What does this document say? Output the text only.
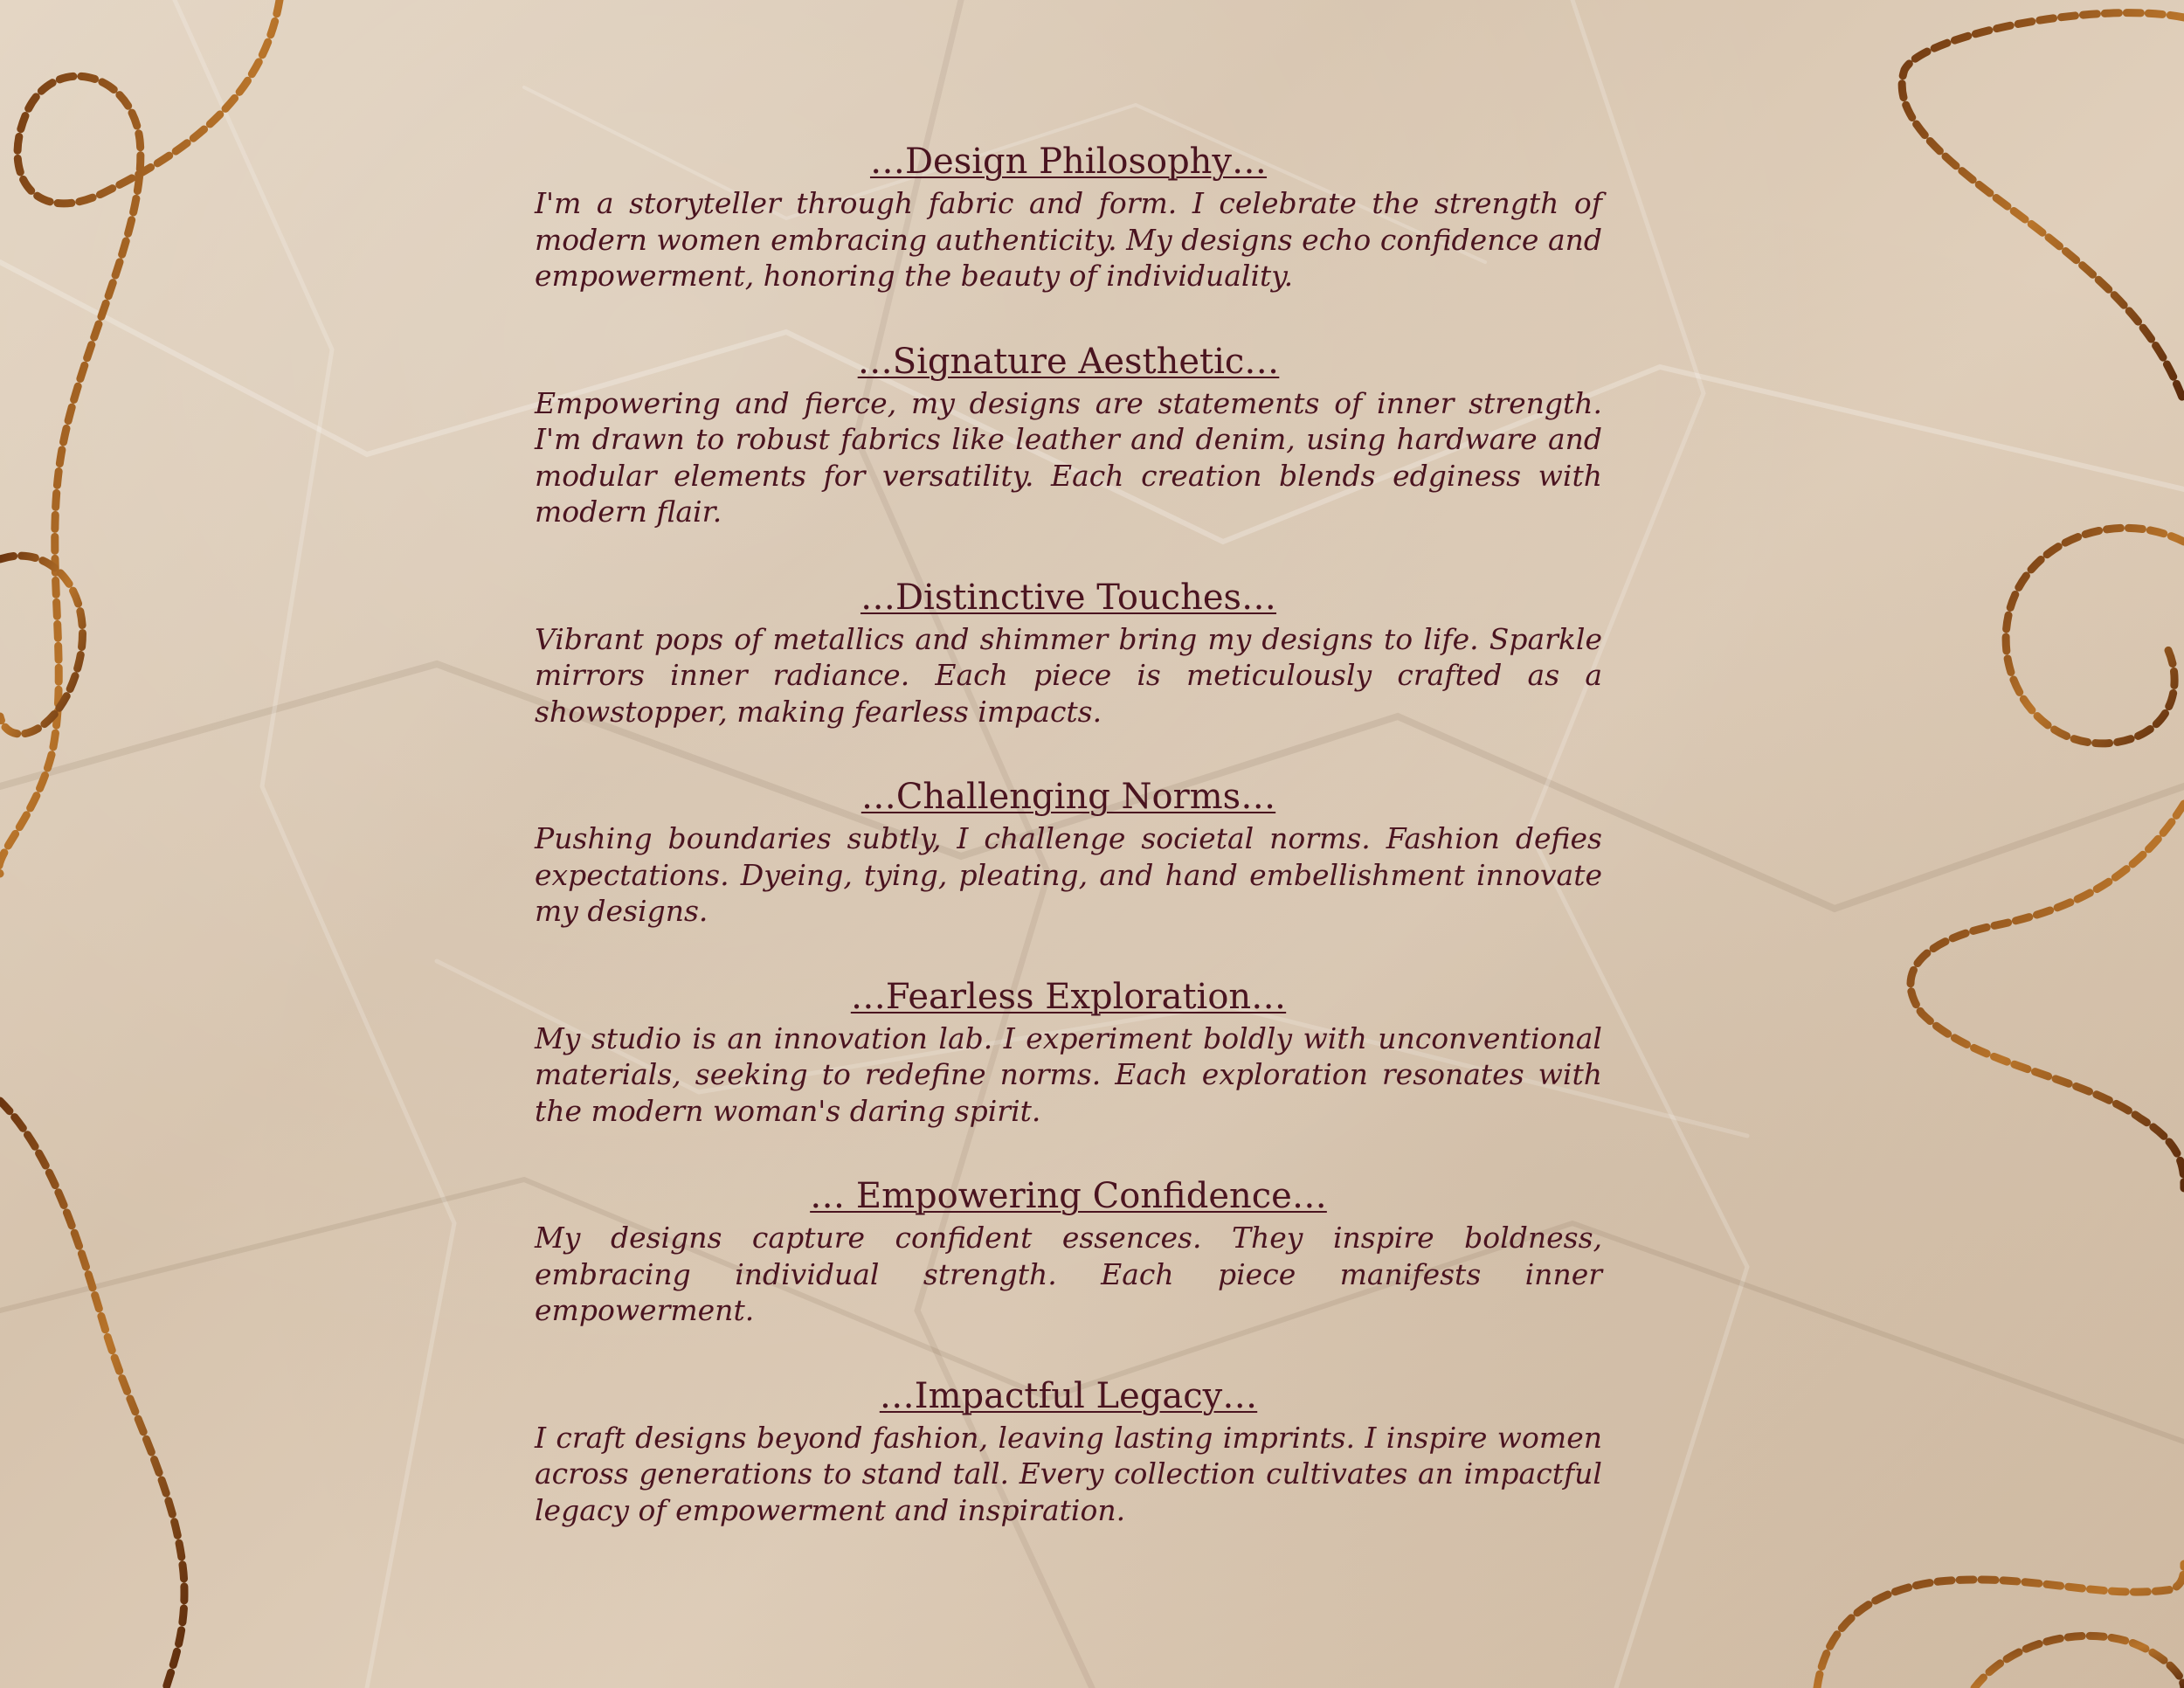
…Design Philosophy…

I'm a storyteller through fabric and form. I celebrate the strength of modern women embracing authenticity. My designs echo confidence and empowerment, honoring the beauty of individuality.

…Signature Aesthetic…

Empowering and fierce, my designs are statements of inner strength. I'm drawn to robust fabrics like leather and denim, using hardware and modular elements for versatility. Each creation blends edginess with modern flair.

…Distinctive Touches…

Vibrant pops of metallics and shimmer bring my designs to life. Sparkle mirrors inner radiance. Each piece is meticulously crafted as a showstopper, making fearless impacts.

…Challenging Norms…

Pushing boundaries subtly, I challenge societal norms. Fashion defies expectations. Dyeing, tying, pleating, and hand embellishment innovate my designs.

…Fearless Exploration…

My studio is an innovation lab. I experiment boldly with unconventional materials, seeking to redefine norms. Each exploration resonates with the modern woman's daring spirit.

… Empowering Confidence…

My designs capture confident essences. They inspire boldness, embracing individual strength. Each piece manifests inner empowerment.

…Impactful Legacy…

I craft designs beyond fashion, leaving lasting imprints. I inspire women across generations to stand tall. Every collection cultivates an impactful legacy of empowerment and inspiration.
